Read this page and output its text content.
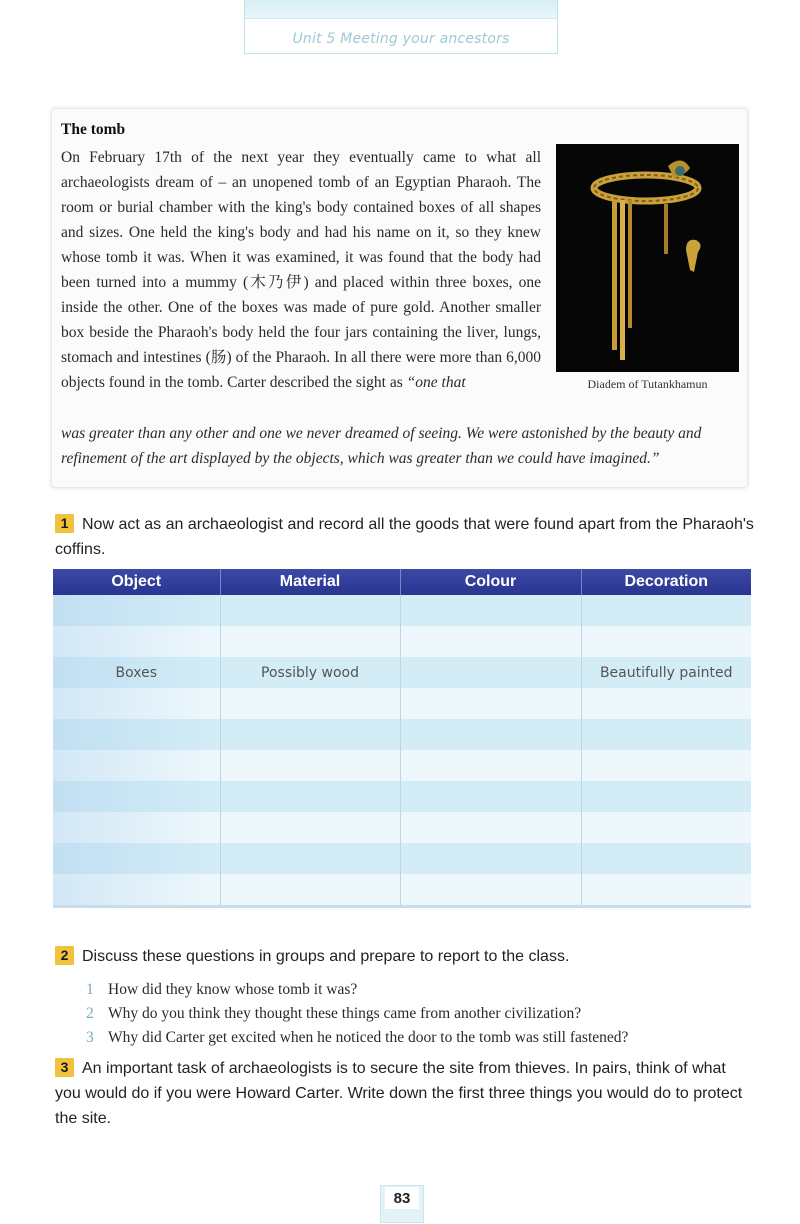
Unit 5 Meeting your ancestors
The tomb

On February 17th of the next year they eventually came to what all archaeologists dream of – an unopened tomb of an Egyptian Pharaoh. The room or burial chamber with the king's body contained boxes of all shapes and sizes. One held the king's body and had his name on it, so they knew whose tomb it was. When it was examined, it was found that the body had been turned into a mummy (木乃伊) and placed within three boxes, one inside the other. One of the boxes was made of pure gold. Another smaller box beside the Pharaoh's body held the four jars containing the liver, lungs, stomach and intestines (肠) of the Pharaoh. In all there were more than 6,000 objects found in the tomb. Carter described the sight as “one that

was greater than any other and one we never dreamed of seeing. We were astonished by the beauty and refinement of the art displayed by the objects, which was greater than we could have imagined.”
Diadem of Tutankhamun
1 Now act as an archaeologist and record all the goods that were found apart from the Pharaoh's coffins.
Object	Material	Colour	Decoration

Boxes	Possibly wood		Beautifully painted

2 Discuss these questions in groups and prepare to report to the class.
1 How did they know whose tomb it was?
2 Why do you think they thought these things came from another civilization?
3 Why did Carter get excited when he noticed the door to the tomb was still fastened?
3 An important task of archaeologists is to secure the site from thieves. In pairs, think of what you would do if you were Howard Carter. Write down the first three things you would do to protect the site.
83
